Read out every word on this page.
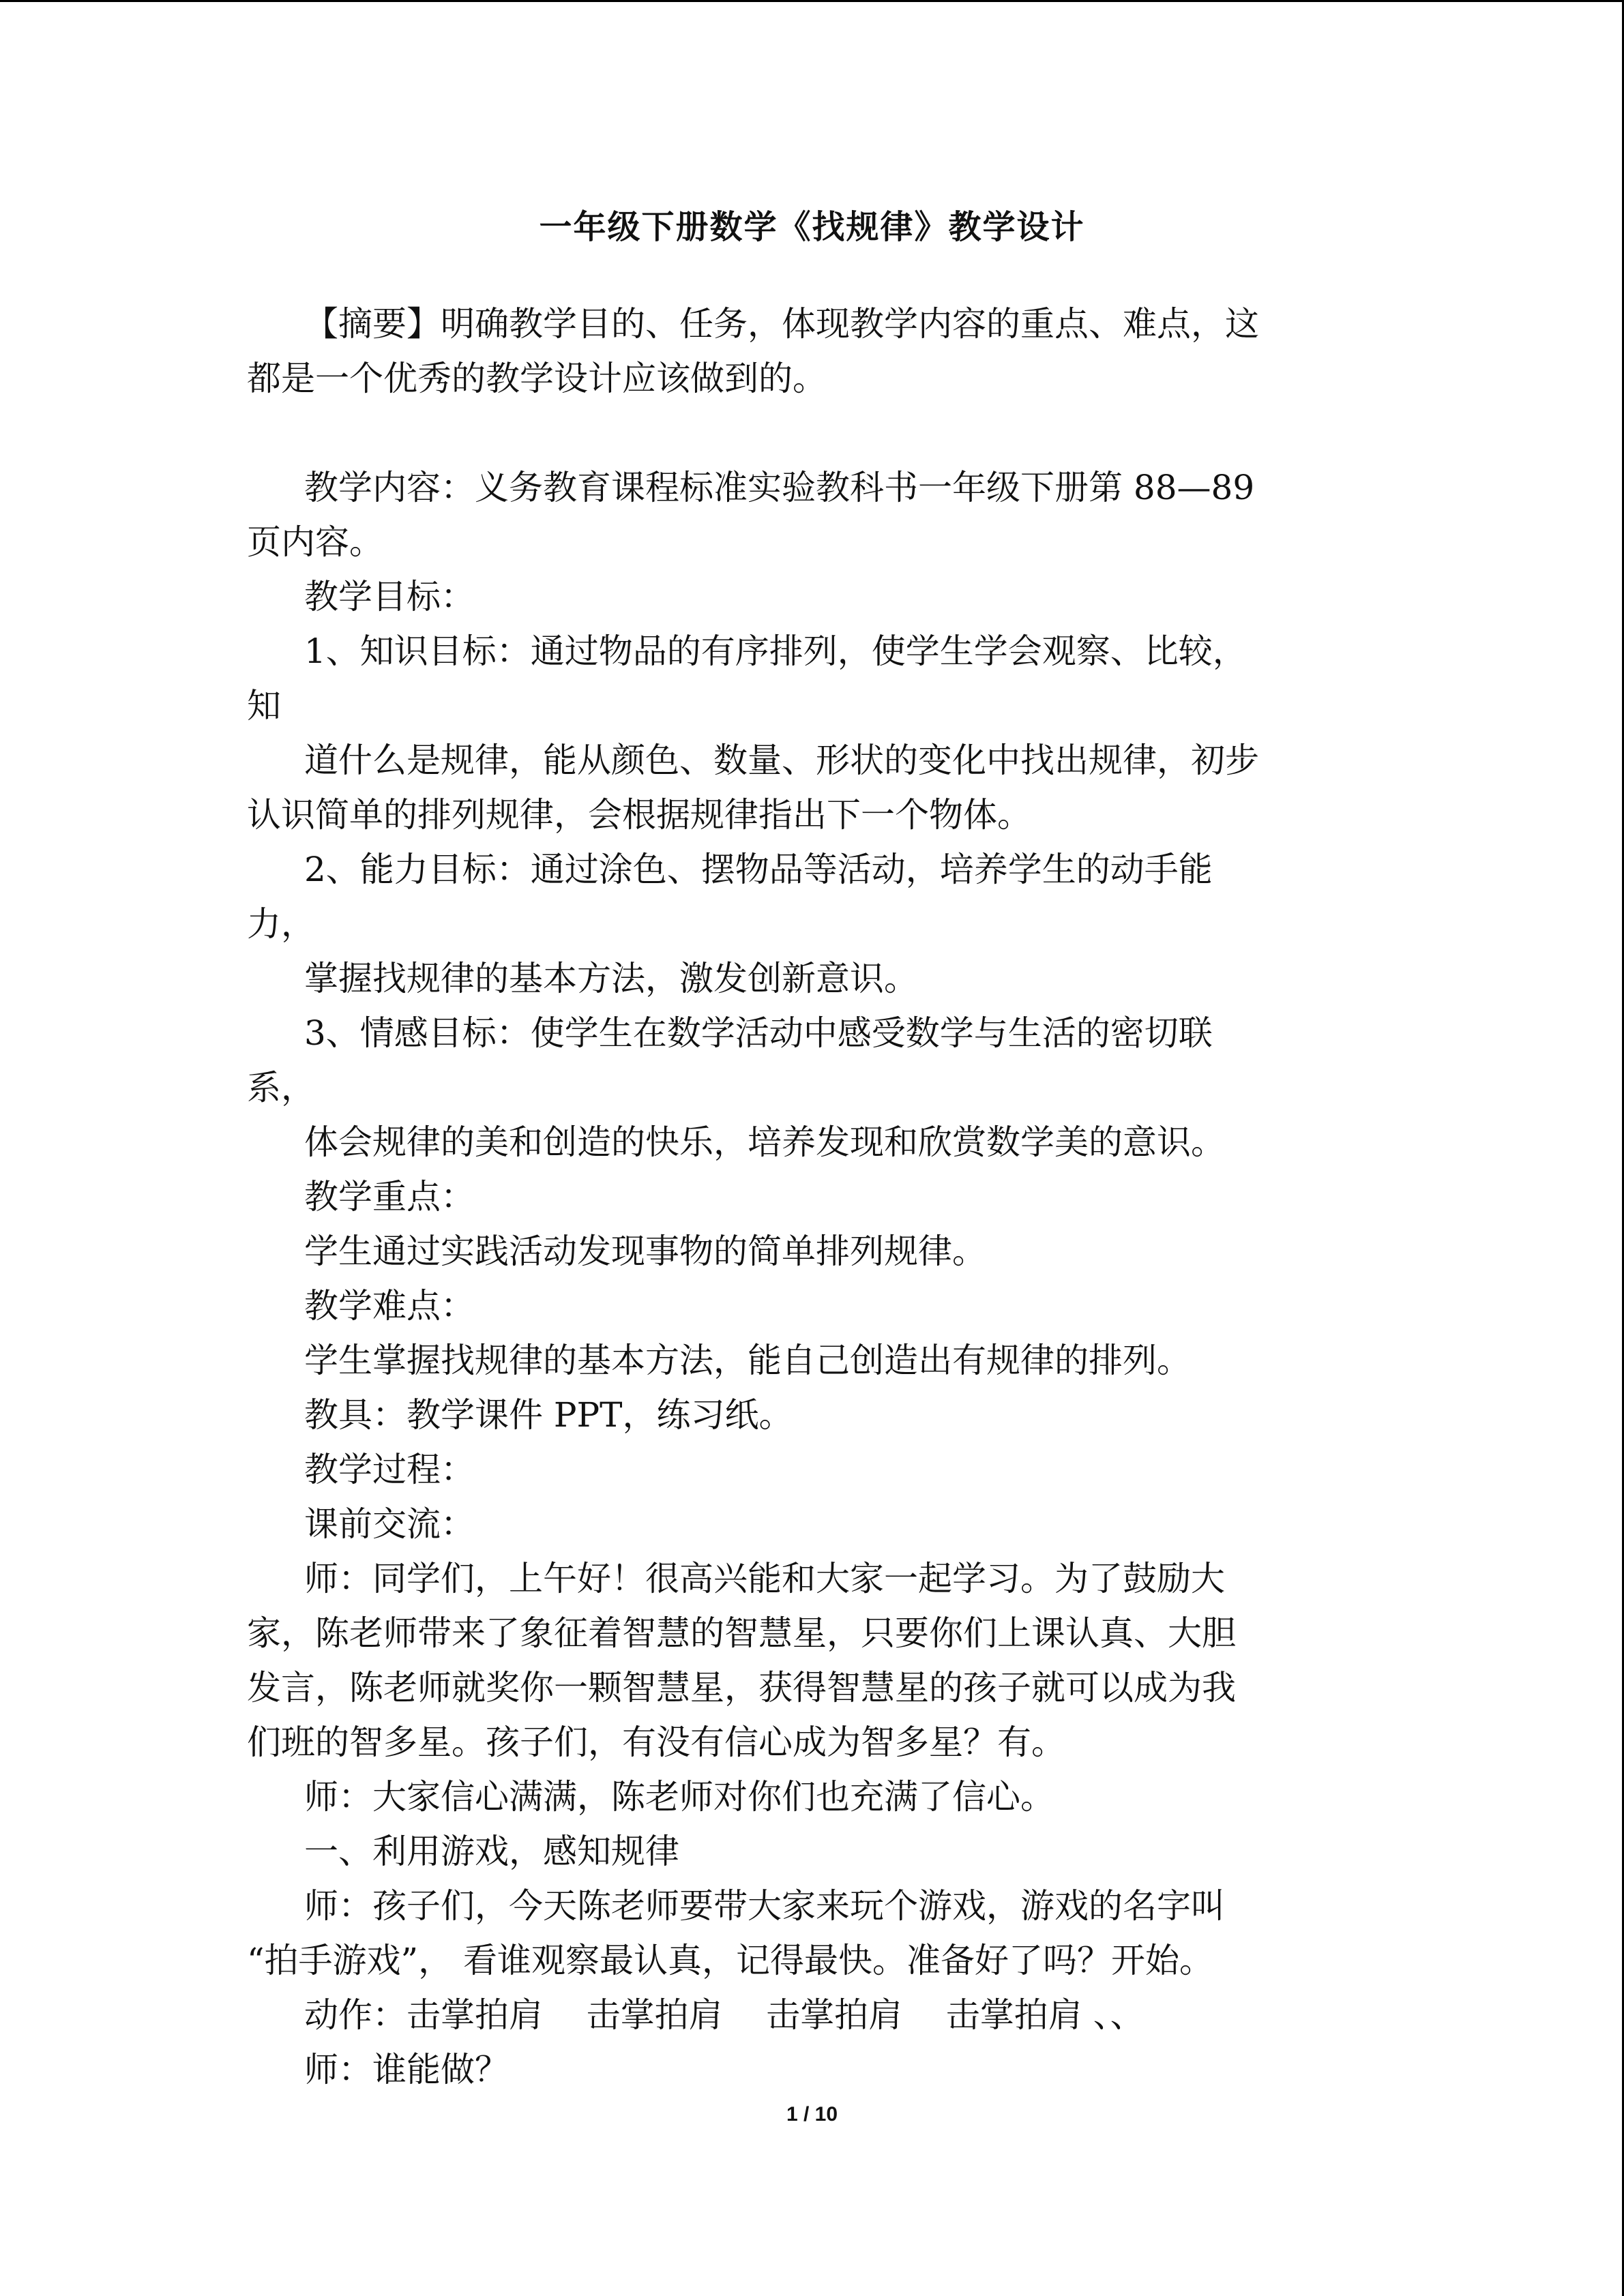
一年级下册数学《找规律》教学设计

【摘要】明确教学目的、任务，体现教学内容的重点、难点，这

都是一个优秀的教学设计应该做到的。

教学内容：义务教育课程标准实验教科书一年级下册第 88—89

页内容。

教学目标：

1、知识目标：通过物品的有序排列，使学生学会观察、比较，

知

道什么是规律，能从颜色、数量、形状的变化中找出规律，初步

认识简单的排列规律，会根据规律指出下一个物体。

2、能力目标：通过涂色、摆物品等活动，培养学生的动手能

力，

掌握找规律的基本方法，激发创新意识。

3、情感目标：使学生在数学活动中感受数学与生活的密切联

系，

体会规律的美和创造的快乐，培养发现和欣赏数学美的意识。

教学重点：

学生通过实践活动发现事物的简单排列规律。

教学难点：

学生掌握找规律的基本方法，能自己创造出有规律的排列。

教具：教学课件 PPT，练习纸。

教学过程：

课前交流：

师：同学们，上午好！很高兴能和大家一起学习。为了鼓励大

家，陈老师带来了象征着智慧的智慧星，只要你们上课认真、大胆

发言，陈老师就奖你一颗智慧星，获得智慧星的孩子就可以成为我

们班的智多星。孩子们，有没有信心成为智多星？有。

师：大家信心满满，陈老师对你们也充满了信心。

一、利用游戏，感知规律

师：孩子们，今天陈老师要带大家来玩个游戏，游戏的名字叫

“拍手游戏”， 看谁观察最认真，记得最快。准备好了吗？开始。

动作：击掌拍肩    击掌拍肩    击掌拍肩    击掌拍肩 、、

师：谁能做？

1 / 10
